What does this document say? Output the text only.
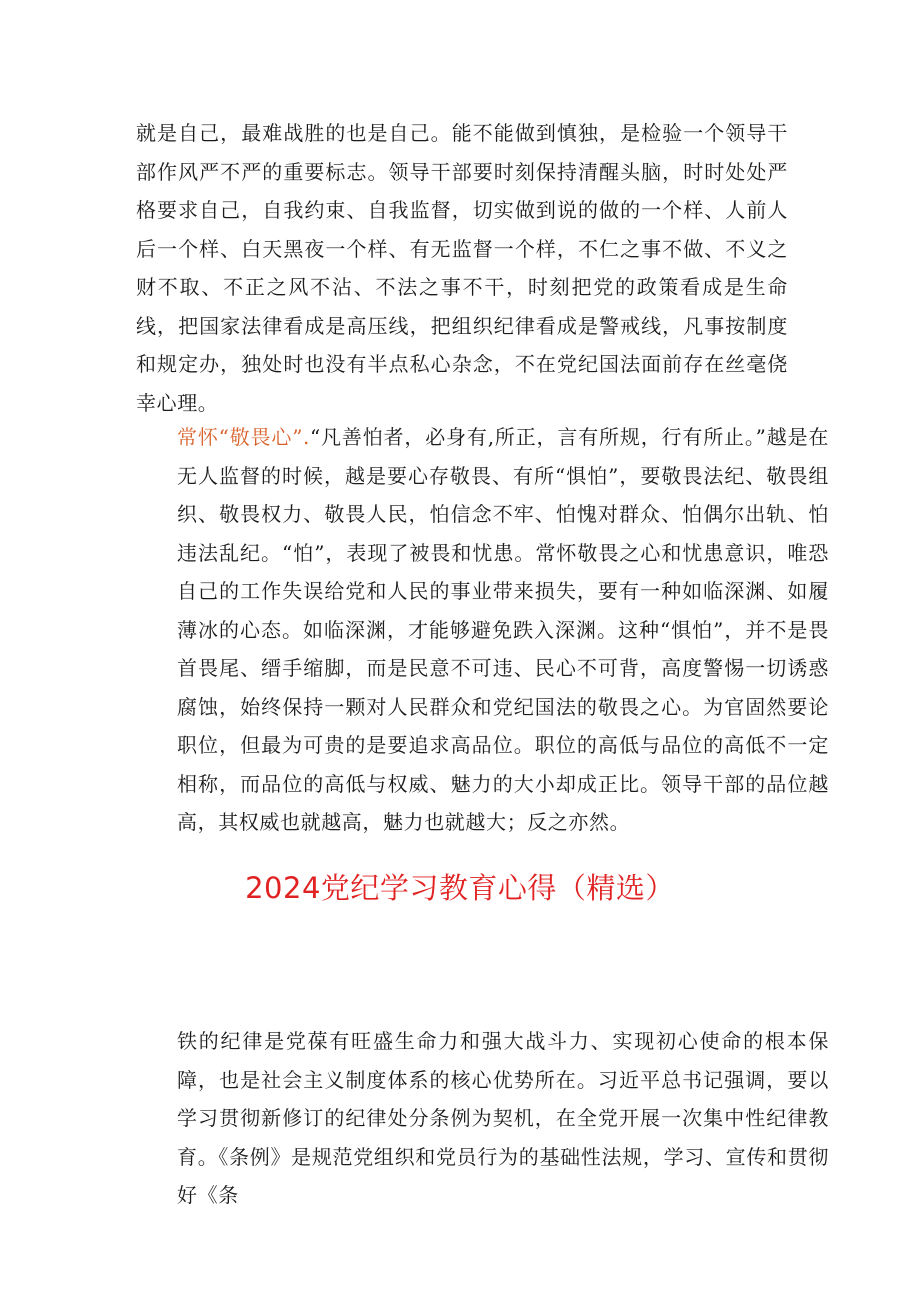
就是自己，最难战胜的也是自己。能不能做到慎独，是检验一个领导干部作风严不严的重要标志。领导干部要时刻保持清醒头脑，时时处处严格要求自己，自我约束、自我监督，切实做到说的做的一个样、人前人后一个样、白天黑夜一个样、有无监督一个样，不仁之事不做、不义之财不取、不正之风不沾、不法之事不干，时刻把党的政策看成是生命线，把国家法律看成是高压线，把组织纪律看成是警戒线，凡事按制度和规定办，独处时也没有半点私心杂念，不在党纪国法面前存在丝毫侥幸心理。

常怀“敬畏心”.“凡善怕者，必身有,所正，言有所规，行有所止。”越是在无人监督的时候，越是要心存敬畏、有所“惧怕”，要敬畏法纪、敬畏组织、敬畏权力、敬畏人民，怕信念不牢、怕愧对群众、怕偶尔出轨、怕违法乱纪。“怕”，表现了被畏和忧患。常怀敬畏之心和忧患意识，唯恐自己的工作失误给党和人民的事业带来损失，要有一种如临深渊、如履薄冰的心态。如临深渊，才能够避免跌入深渊。这种“惧怕”，并不是畏首畏尾、缙手缩脚，而是民意不可违、民心不可背，高度警惕一切诱惑腐蚀，始终保持一颗对人民群众和党纪国法的敬畏之心。为官固然要论职位，但最为可贵的是要追求高品位。职位的高低与品位的高低不一定相称，而品位的高低与权威、魅力的大小却成正比。领导干部的品位越高，其权威也就越高，魅力也就越大；反之亦然。

2024党纪学习教育心得（精选）

铁的纪律是党葆有旺盛生命力和强大战斗力、实现初心使命的根本保障，也是社会主义制度体系的核心优势所在。习近平总书记强调，要以学习贯彻新修订的纪律处分条例为契机，在全党开展一次集中性纪律教育。《条例》是规范党组织和党员行为的基础性法规，学习、宣传和贯彻好《条
